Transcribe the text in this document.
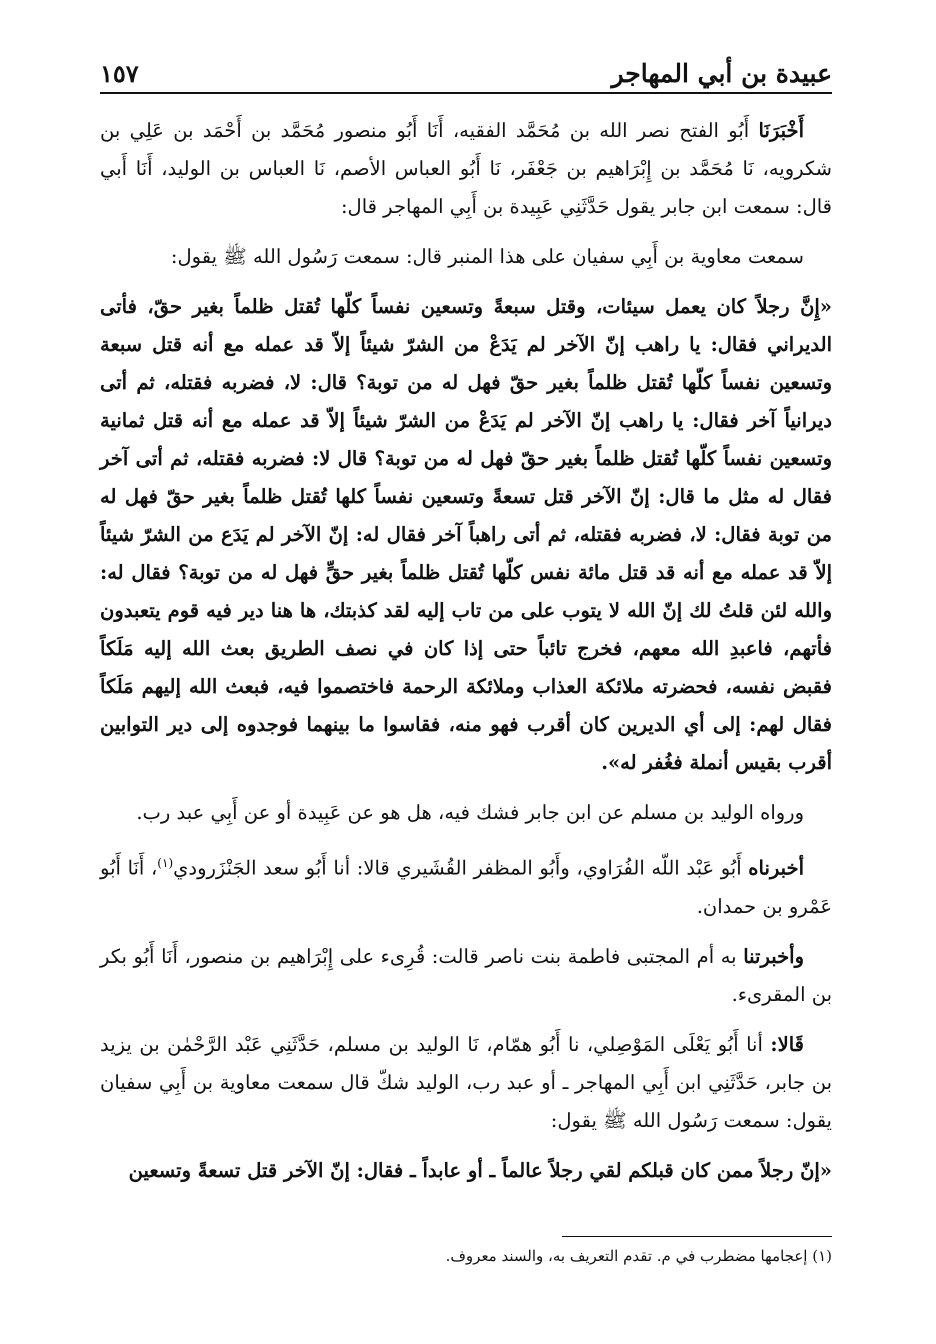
١٥٧	عبيدة بن أبي المهاجر

أَخْبَرَنَا أَبُو الفتح نصر الله بن مُحَمَّد الفقيه، أَنَا أَبُو منصور مُحَمَّد بن أَحْمَد بن عَلِي بن شكرويه، نَا مُحَمَّد بن إِبْرَاهيم بن جَعْفَر، نَا أَبُو العباس الأصم، نَا العباس بن الوليد، أَنَا أَبي قال: سمعت ابن جابر يقول حَدَّثَنِي عَبِيدة بن أَبِي المهاجر قال:

سمعت معاوية بن أَبِي سفيان على هذا المنبر قال: سمعت رَسُول الله ﷺ يقول:

«إِنَّ رجلاً كان يعمل سيئات، وقتل سبعةً وتسعين نفساً كلّها تُقتل ظلماً بغير حقّ، فأتى الديراني فقال: يا راهب إنّ الآخر لم يَدَعْ من الشرّ شيئاً إلاّ قد عمله مع أنه قتل سبعة وتسعين نفساً كلّها تُقتل ظلماً بغير حقّ فهل له من توبة؟ قال: لا، فضربه فقتله، ثم أتى ديرانياً آخر فقال: يا راهب إنّ الآخر لم يَدَعْ من الشرّ شيئاً إلاّ قد عمله مع أنه قتل ثمانية وتسعين نفساً كلّها تُقتل ظلماً بغير حقّ فهل له من توبة؟ قال لا: فضربه فقتله، ثم أتى آخر فقال له مثل ما قال: إنّ الآخر قتل تسعةً وتسعين نفساً كلها تُقتل ظلماً بغير حقّ فهل له من توبة فقال: لا، فضربه فقتله، ثم أتى راهباً آخر فقال له: إنّ الآخر لم يَدَع من الشرّ شيئاً إلاّ قد عمله مع أنه قد قتل مائة نفس كلّها تُقتل ظلماً بغير حقٍّ فهل له من توبة؟ فقال له: والله لئن قلتُ لك إنّ الله لا يتوب على من تاب إليه لقد كذبتك، ها هنا دير فيه قوم يتعبدون فأتهم، فاعبدِ الله معهم، فخرج تائباً حتى إذا كان في نصف الطريق بعث الله إليه مَلَكاً فقبض نفسه، فحضرته ملائكة العذاب وملائكة الرحمة فاختصموا فيه، فبعث الله إليهم مَلَكاً فقال لهم: إلى أي الديرين كان أقرب فهو منه، فقاسوا ما بينهما فوجدوه إلى دير التوابين أقرب بقيس أنملة فغُفر له».

ورواه الوليد بن مسلم عن ابن جابر فشك فيه، هل هو عن عَبِيدة أو عن أَبِي عبد رب.

أخبرناه أَبُو عَبْد اللّه الفُرَاوي، وأَبُو المظفر القُشَيري قالا: أنا أَبُو سعد الجَنْزَرودي$^{(١)}$، أَنَا أَبُو عَمْرو بن حمدان.

وأخبرتنا به أم المجتبى فاطمة بنت ناصر قالت: قُرِىء على إِبْرَاهيم بن منصور، أَنَا أَبُو بكر بن المقرىء.

قَالا: أنا أَبُو يَعْلَى المَوْصِلي، نا أَبُو همّام، نَا الوليد بن مسلم، حَدَّثَنِي عَبْد الرَّحْمٰن بن يزيد بن جابر، حَدَّثَنِي ابن أَبِي المهاجر ـ أو عبد رب، الوليد شكّ قال سمعت معاوية بن أَبِي سفيان يقول: سمعت رَسُول الله ﷺ يقول:

«إنّ رجلاً ممن كان قبلكم لقي رجلاً عالماً ـ أو عابداً ـ فقال: إنّ الآخر قتل تسعةً وتسعين

(١) إعجامها مضطرب في م. تقدم التعريف به، والسند معروف.
